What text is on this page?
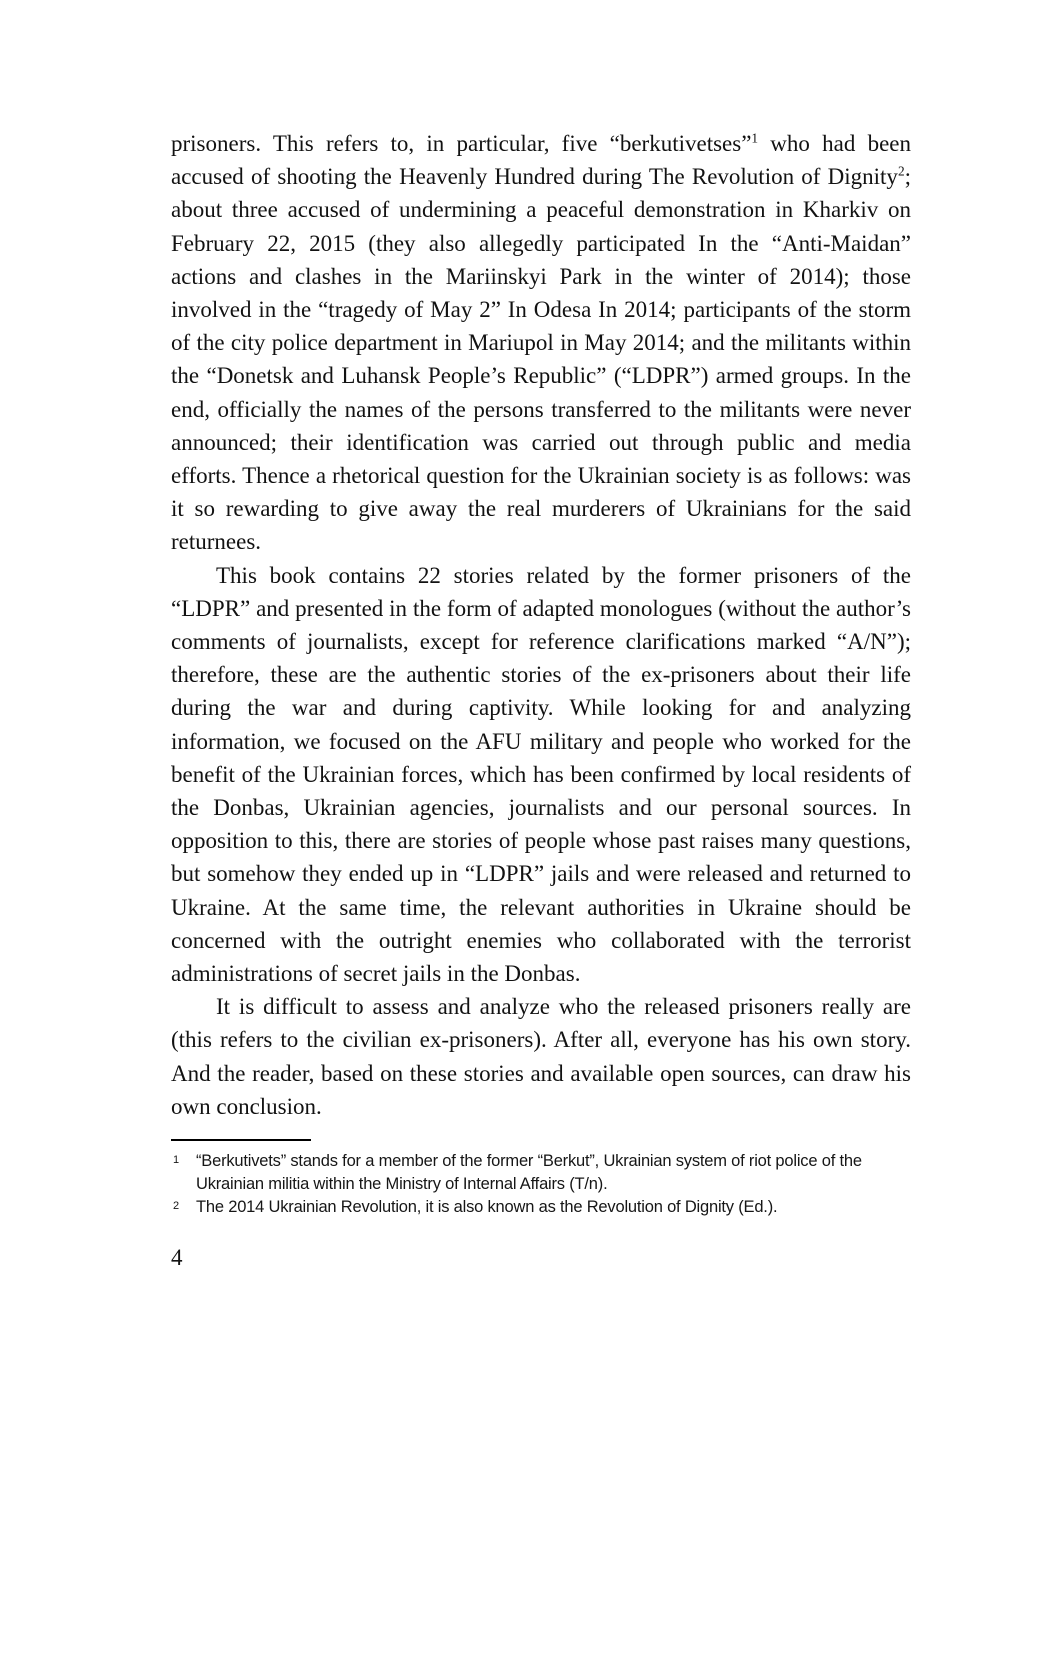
prisoners. This refers to, in particular, five “berkutivetses”$^1$ who had been accused of shooting the Heavenly Hundred during The Revolution of Dignity$^2$; about three accused of undermining a peaceful demonstration in Kharkiv on February 22, 2015 (they also allegedly participated In the “Anti-Maidan” actions and clashes in the Mariinskyi Park in the winter of 2014); those involved in the “tragedy of May 2” In Odesa In 2014; participants of the storm of the city police department in Mariupol in May 2014; and the militants within the “Donetsk and Luhansk People’s Republic” (“LDPR”) armed groups. In the end, officially the names of the persons transferred to the militants were never announced; their identification was carried out through public and media efforts. Thence a rhetorical question for the Ukrainian society is as follows: was it so rewarding to give away the real murderers of Ukrainians for the said returnees.

This book contains 22 stories related by the former prisoners of the “LDPR” and presented in the form of adapted monologues (without the author’s comments of journalists, except for reference clarifications marked “A/N”); therefore, these are the authentic stories of the ex-prisoners about their life during the war and during captivity. While looking for and analyzing information, we focused on the AFU military and people who worked for the benefit of the Ukrainian forces, which has been confirmed by local residents of the Donbas, Ukrainian agencies, journalists and our personal sources. In opposition to this, there are stories of people whose past raises many questions, but somehow they ended up in “LDPR” jails and were released and returned to Ukraine. At the same time, the relevant authorities in Ukraine should be concerned with the outright enemies who collaborated with the terrorist administrations of secret jails in the Donbas.

It is difficult to assess and analyze who the released prisoners really are (this refers to the civilian ex-prisoners). After all, everyone has his own story. And the reader, based on these stories and available open sources, can draw his own conclusion.

1 “Berkutivets” stands for a member of the former “Berkut”, Ukrainian system of riot police of the Ukrainian militia within the Ministry of Internal Affairs (T/n).
2 The 2014 Ukrainian Revolution, it is also known as the Revolution of Dignity (Ed.).
4
